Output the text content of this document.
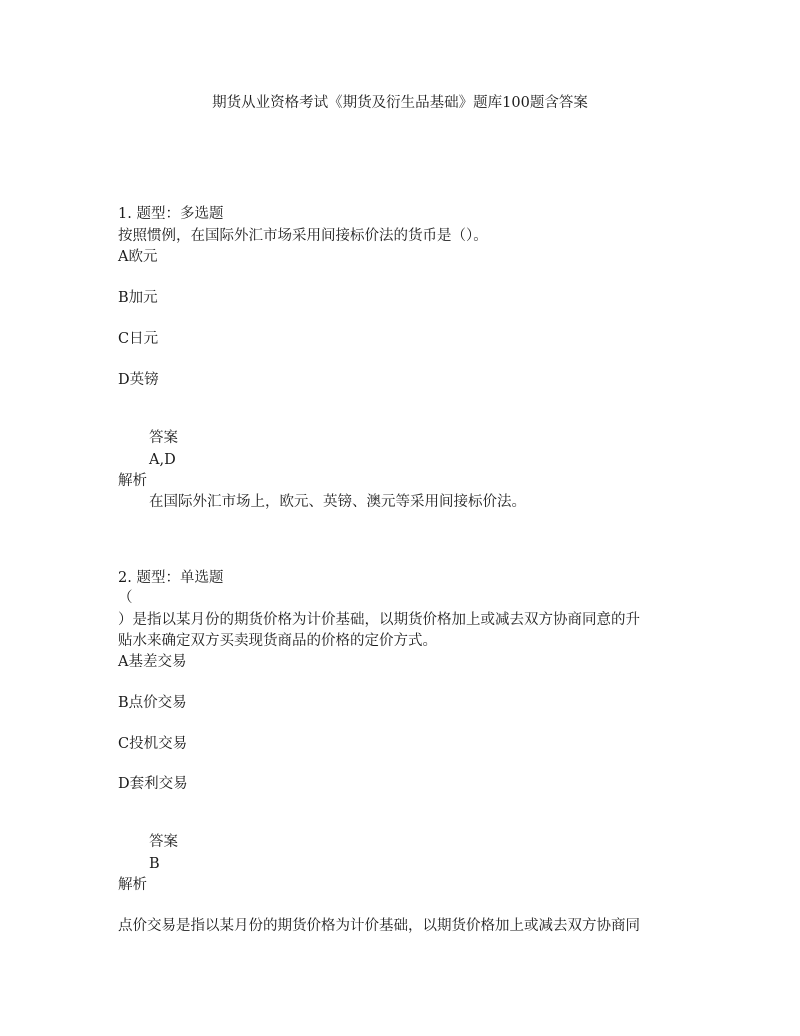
期货从业资格考试《期货及衍生品基础》题库100题含答案
1. 题型：多选题
按照惯例，在国际外汇市场采用间接标价法的货币是（）。
A欧元
B加元
C日元
D英镑
答案
A,D
解析
在国际外汇市场上，欧元、英镑、澳元等采用间接标价法。
2. 题型：单选题
（
）是指以某月份的期货价格为计价基础，以期货价格加上或减去双方协商同意的升
贴水来确定双方买卖现货商品的价格的定价方式。
A基差交易
B点价交易
C投机交易
D套利交易
答案
B
解析
点价交易是指以某月份的期货价格为计价基础，以期货价格加上或减去双方协商同
